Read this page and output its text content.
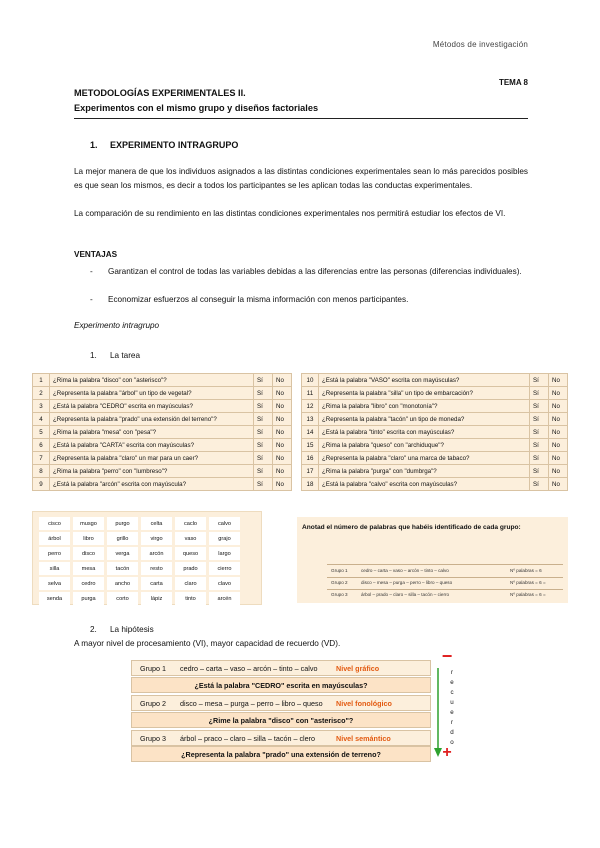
Métodos de investigación
TEMA 8
METODOLOGÍAS EXPERIMENTALES II.
Experimentos con el mismo grupo y diseños factoriales
1. EXPERIMENTO INTRAGRUPO
La mejor manera de que los individuos asignados a las distintas condiciones experimentales sean lo más parecidos posibles es que sean los mismos, es decir a todos los participantes se les aplican todas las conductas experimentales.
La comparación de su rendimiento en las distintas condiciones experimentales nos permitirá estudiar los efectos de VI.
VENTAJAS
- Garantizan el control de todas las variables debidas a las diferencias entre las personas (diferencias individuales).
- Economizar esfuerzos al conseguir la misma información con menos participantes.
Experimento intragrupo
1. La tarea
1	¿Rima la palabra "disco" con "asterisco"?	Sí	No
2	¿Representa la palabra "árbol" un tipo de vegetal?	Sí	No
3	¿Está la palabra "CEDRO" escrita en mayúsculas?	Sí	No
4	¿Representa la palabra "prado" una extensión del terreno"?	Sí	No
5	¿Rima la palabra "mesa" con "pesa"?	Sí	No
6	¿Está la palabra "CARTA" escrita con mayúsculas?	Sí	No
7	¿Representa la palabra "claro" un mar para un caer?	Sí	No
8	¿Rima la palabra "perro" con "lumbreso"?	Sí	No
9	¿Está la palabra "arcón" escrita con mayúscula?	Sí	No
10	¿Está la palabra "VASO" escrita con mayúsculas?	Sí	No
11	¿Representa la palabra "silla" un tipo de embarcación?	Sí	No
12	¿Rima la palabra "libro" con "monotonía"?	Sí	No
13	¿Representa la palabra "tacón" un tipo de moneda?	Sí	No
14	¿Está la palabra "tinto" escrita con mayúsculas?	Sí	No
15	¿Rima la palabra "queso" con "archiduque"?	Sí	No
16	¿Representa la palabra "claro" una marca de tabaco?	Sí	No
17	¿Rima la palabra "purga" con "dumbrga"?	Sí	No
18	¿Está la palabra "calvo" escrita con mayúsculas?	Sí	No
cisco	musgo	purgo	celta	caclo	calvo
árbol	libro	grillo	virgo	vaso	grajo
perro	disco	verga	arcón	queso	largo
silla	mesa	tacón	resto	prado	cierro
selva	cedro	ancho	carta	claro	clavo
senda	purga	corto	lápiz	tinto	arcén
Anotad el número de palabras que habéis identificado de cada grupo:
Grupo 1	cedro – carta – vaso – arcón – tinto – calvo	Nº palabras = 6
Grupo 2	disco – mesa – purga – perro – libro – queso	Nº palabras = 6 =
Grupo 3	árbol – prado – claro – silla – tacón – cierro	Nº palabras = 6 =
2. La hipótesis
A mayor nivel de procesamiento (VI), mayor capacidad de recuerdo (VD).
Grupo 1 cedro – carta – vaso – arcón – tinto – calvo	Nivel gráfico
¿Está la palabra "CEDRO" escrita en mayúsculas?
Grupo 2 disco – mesa – purga – perro – libro – queso Nivel fonológico
¿Rime la palabra "disco" con "asterisco"?
Grupo 3 árbol – praco – claro – silla – tacón – clero	Nivel semántico
¿Representa la palabra "prado" una extensión de terreno?
−
r
e
c
u
e
r
d
o
+
